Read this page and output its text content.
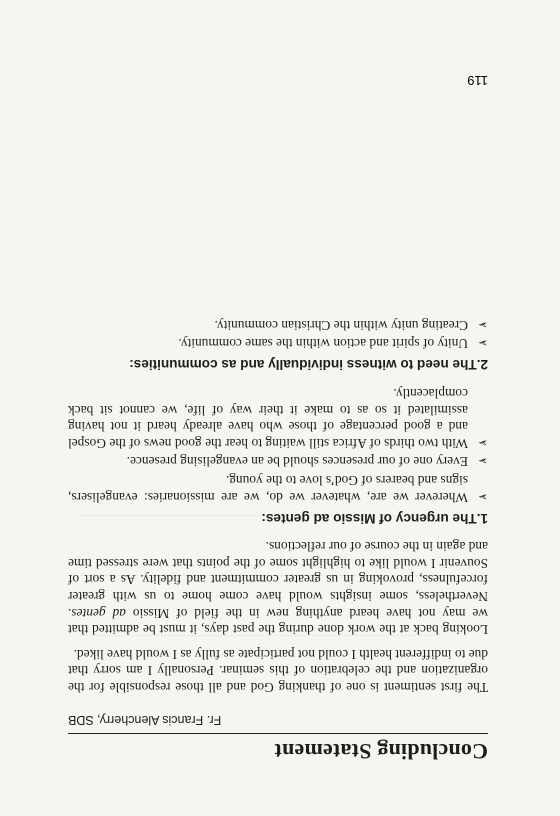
Concluding Statement

Fr. Francis Alencherry, SDB

The first sentiment is one of thanking God and all those responsible for the organization and the celebration of this seminar. Personally I am sorry that due to indifferent health I could not participate as fully as I would have liked.

Looking back at the work done during the past days, it must be admitted that we may not have heard anything new in the field of Missio ad gentes. Nevertheless, some insights would have come home to us with greater forcefulness, provoking in us greater commitment and fidelity. As a sort of Souvenir I would like to highlight some of the points that were stressed time and again in the course of our reflections.

1.The urgency of Missio ad gentes:
➢
Wherever we are, whatever we do, we are missionaries: evangelisers, signs and bearers of God’s love to the young.
➢
Every one of our presences should be an evangelising presence.
➢
With two thirds of Africa still waiting to hear the good news of the Gospel and a good percentage of those who have already heard it not having assimilated it so as to make it their way of life, we cannot sit back complacently.
2.The need to witness individually and as communities:
➢
Unity of spirit and action within the same community.
➢
Creating unity within the Christian community.
119
